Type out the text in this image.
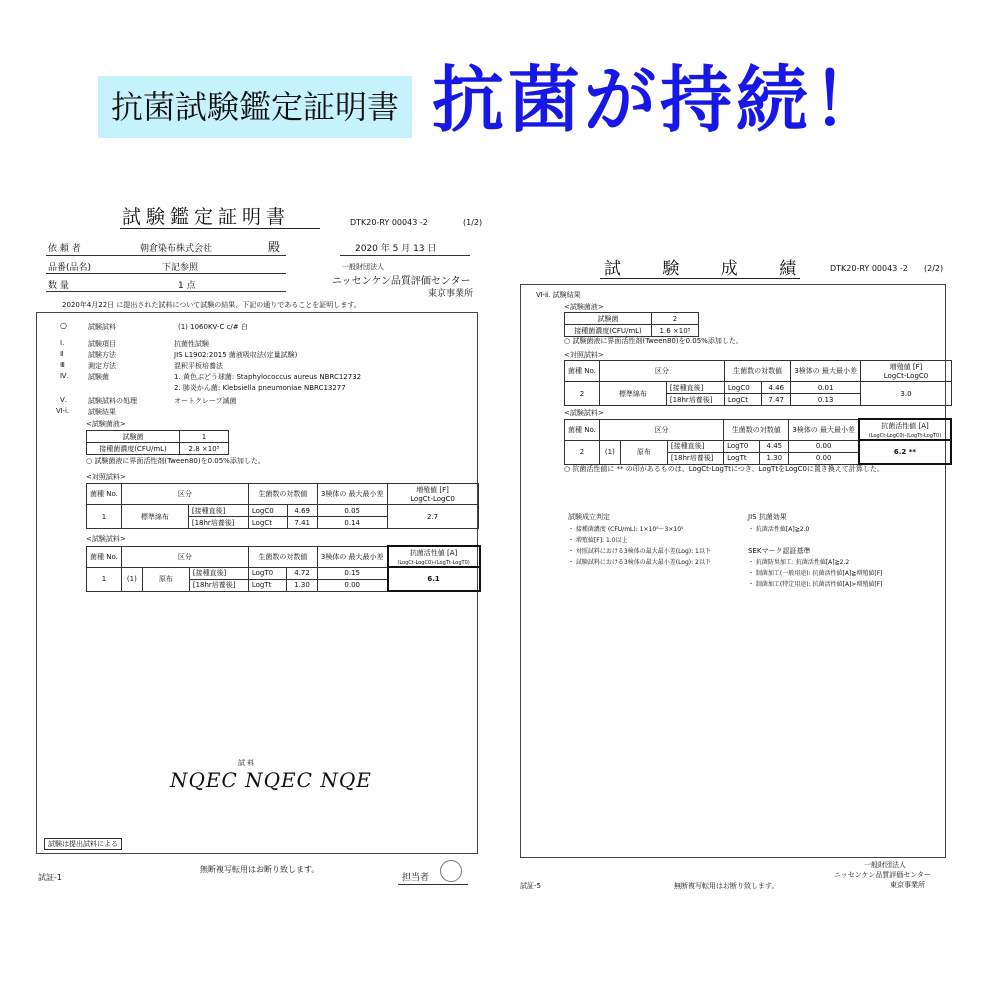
抗菌試験鑑定証明書 抗菌が持続！
試験鑑定証明書	DTK20-RY 00043 -2	(1/2)
依 頼 者	朝倉染布株式会社	殿	2020 年 5 月 13 日
品番(品名)	下記参照	一般財団法人
ニッセンケン品質評価センター
数 量	1 点
東京事業所
2020年4月22日 に提出された試料について試験の結果、下記の通りであることを証明します。
○	試験試料	(1) 1060KV-C c/# 白
Ⅰ.	試験項目	抗菌性試験
Ⅱ	試験方法	JIS L1902:2015 菌液吸収法(定量試験)
Ⅲ	測定方法	混釈平板培養法
Ⅳ.	試験菌	1. 黄色ぶどう球菌: Staphylococcus aureus NBRC12732
2. 肺炎かん菌: Klebsiella pneumoniae NBRC13277
Ⅴ.	試験試料の処理	オートクレーブ滅菌
Ⅵ-ⅰ.	試験結果
<試験菌液>
試験菌	1
接種菌濃度(CFU/mL)	2.8 ×10⁵
○ 試験菌液に界面活性剤(Tween80)を0.05%添加した。
<対照試料>
菌種 No.	区分		生菌数の対数値		3検体の 最大最小差	増殖値 [F]
LogCt-LogC0
1	標準綿布	[接種直後]	LogC0	4.69	0.05	2.7
		[18hr培養後]	LogCt	7.41	0.14	
<試験試料>
菌種 No.	区分			生菌数の対数値		3検体の 最大最小差	抗菌活性値 [A]
(LogCt-LogC0)-(LogTt-LogT0)
1	(1)	原布	[接種直後]	LogT0	4.72	0.15	6.1
			[18hr培養後]	LogTt	1.30	0.00	
試 料
NQEC NQEC NQE
試験は提出試料による
無断複写転用はお断り致します。
試証-1	担当者
試 験 成 績 DTK20-RY 00043 -2 (2/2)
Ⅵ-ⅱ. 試験結果
<試験菌液>
試験菌	2
接種菌濃度(CFU/mL)	1.6 ×10⁵
○ 試験菌液に界面活性剤(Tween80)を0.05%添加した。
<対照試料>
菌種 No.	区分		生菌数の対数値		3検体の 最大最小差	増殖値 [F]
LogCt-LogC0
2	標準綿布	[接種直後]	LogC0	4.46	0.01	3.0
		[18hr培養後]	LogCt	7.47	0.13	
<試験試料>
菌種 No.	区分			生菌数の対数値		3検体の 最大最小差	抗菌活性値 [A]
(LogCt-LogC0)-(LogTt-LogT0)
2	(1)	原布	[接種直後]	LogT0	4.45	0.00	6.2 **
			[18hr培養後]	LogTt	1.30	0.00	
○ 抗菌活性値に ** の印があるものは、LogCt-LogTtにつき、LogTtをLogC0に置き換えて計算した。
試験成立判定
・ 接種菌濃度 (CFU/mL): 1×10⁵～3×10⁵
・ 増殖値[F]: 1.0以上
・ 対照試料における3検体の最大最小差(Log): 1以下
・ 試験試料における3検体の最大最小差(Log): 2以下
JIS 抗菌効果
・ 抗菌活性値[A]≧2.0
SEKマーク認証基準
・ 抗菌防臭加工: 抗菌活性値[A]≧2.2
・ 制菌加工(一般用途): 抗菌活性値[A]≧増殖値[F]
・ 制菌加工(特定用途): 抗菌活性値[A]>増殖値[F]
一般財団法人
ニッセンケン品質評価センター
試証-5	無断複写転用はお断り致します。	東京事業所
